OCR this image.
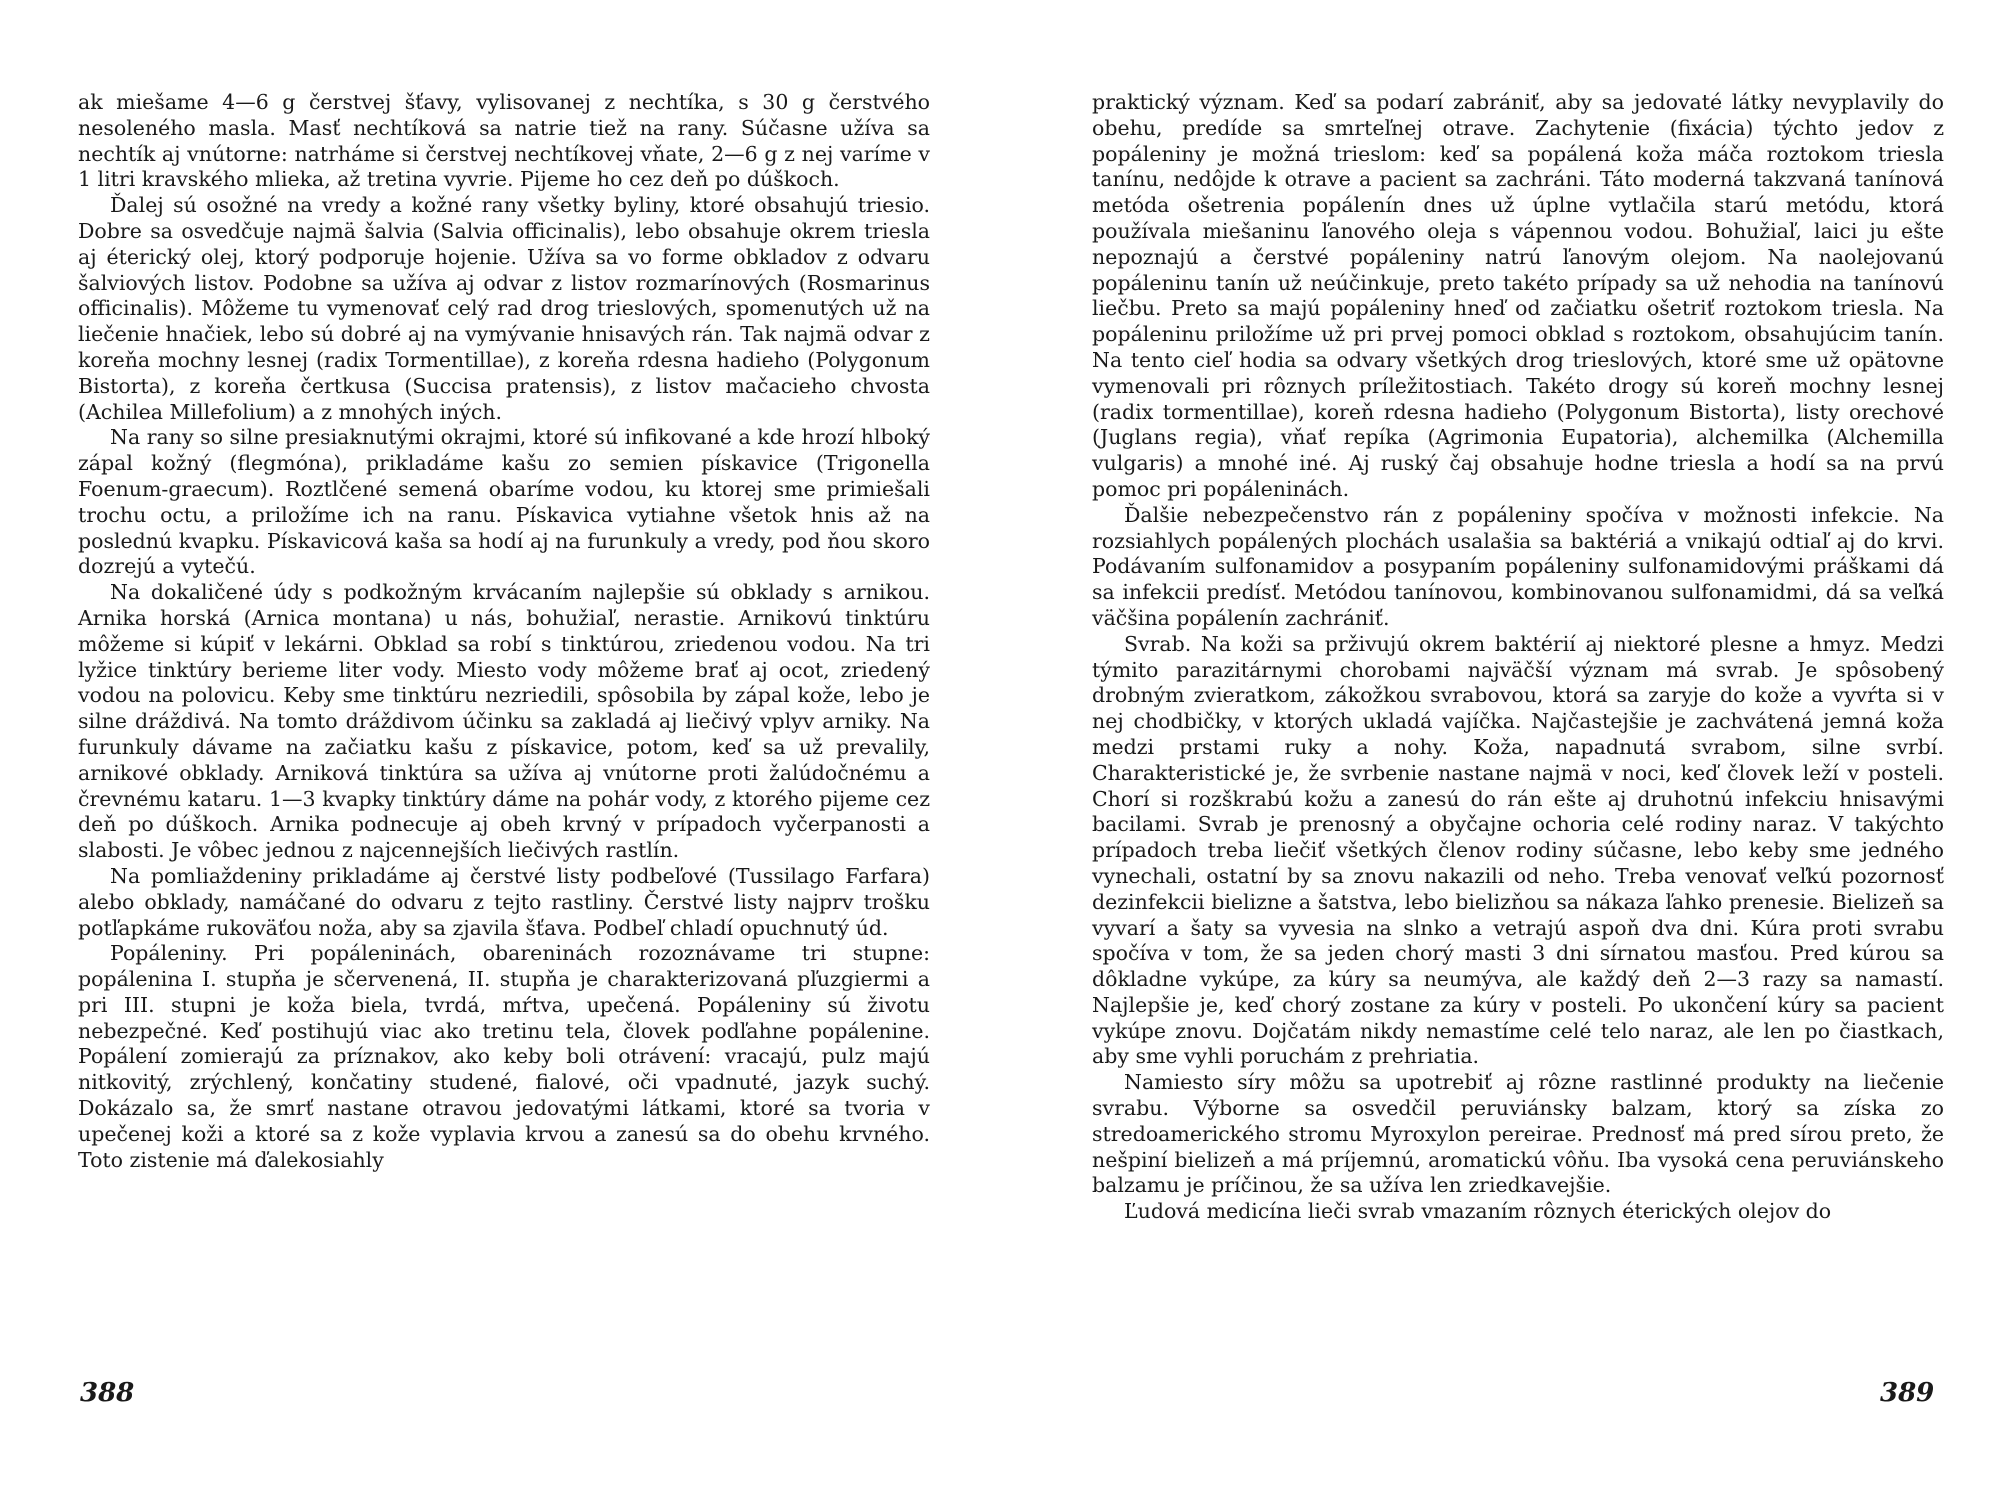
ak miešame 4—6 g čerstvej šťavy, vylisovanej z nechtíka, s 30 g čerstvého nesoleného masla. Masť nechtíková sa natrie tiež na rany. Súčasne užíva sa nechtík aj vnútorne: natrháme si čerstvej nechtíkovej vňate, 2—6 g z nej varíme v 1 litri kravského mlieka, až tretina vyvrie. Pijeme ho cez deň po dúškoch.

Ďalej sú osožné na vredy a kožné rany všetky byliny, ktoré obsahujú triesio. Dobre sa osvedčuje najmä šalvia (Salvia officinalis), lebo obsahuje okrem triesla aj éterický olej, ktorý podporuje hojenie. Užíva sa vo forme obkladov z odvaru šalviových listov. Podobne sa užíva aj odvar z listov rozmarínových (Rosmarinus officinalis). Môžeme tu vymenovať celý rad drog trieslových, spomenutých už na liečenie hnačiek, lebo sú dobré aj na vymývanie hnisavých rán. Tak najmä odvar z koreňa mochny lesnej (radix Tormentillae), z koreňa rdesna hadieho (Polygonum Bistorta), z koreňa čertkusa (Succisa pratensis), z listov mačacieho chvosta (Achilea Millefolium) a z mnohých iných.

Na rany so silne presiaknutými okrajmi, ktoré sú infikované a kde hrozí hlboký zápal kožný (flegmóna), prikladáme kašu zo semien pískavice (Trigonella Foenum-graecum). Roztlčené semená obaríme vodou, ku ktorej sme primiešali trochu octu, a priložíme ich na ranu. Pískavica vytiahne všetok hnis až na poslednú kvapku. Pískavicová kaša sa hodí aj na furunkuly a vredy, pod ňou skoro dozrejú a vytečú.

Na dokaličené údy s podkožným krvácaním najlepšie sú obklady s arnikou. Arnika horská (Arnica montana) u nás, bohužiaľ, nerastie. Arnikovú tinktúru môžeme si kúpiť v lekárni. Obklad sa robí s tinktúrou, zriedenou vodou. Na tri lyžice tinktúry berieme liter vody. Miesto vody môžeme brať aj ocot, zriedený vodou na polovicu. Keby sme tinktúru nezriedili, spôsobila by zápal kože, lebo je silne dráždivá. Na tomto dráždivom účinku sa zakladá aj liečivý vplyv arniky. Na furunkuly dávame na začiatku kašu z pískavice, potom, keď sa už prevalily, arnikové obklady. Arniková tinktúra sa užíva aj vnútorne proti žalúdočnému a črevnému kataru. 1—3 kvapky tinktúry dáme na pohár vody, z ktorého pijeme cez deň po dúškoch. Arnika podnecuje aj obeh krvný v prípadoch vyčerpanosti a slabosti. Je vôbec jednou z najcennejších liečivých rastlín.

Na pomliaždeniny prikladáme aj čerstvé listy podbeľové (Tussilago Farfara) alebo obklady, namáčané do odvaru z tejto rastliny. Čerstvé listy najprv trošku potľapkáme rukoväťou noža, aby sa zjavila šťava. Podbeľ chladí opuchnutý úd.

Popáleniny. Pri popáleninách, obareninách rozoznávame tri stupne: popálenina I. stupňa je sčervenená, II. stupňa je charakterizovaná pľuzgiermi a pri III. stupni je koža biela, tvrdá, mŕtva, upečená. Popáleniny sú životu nebezpečné. Keď postihujú viac ako tretinu tela, človek podľahne popálenine. Popálení zomierajú za príznakov, ako keby boli otrávení: vracajú, pulz majú nitkovitý, zrýchlený, končatiny studené, fialové, oči vpadnuté, jazyk suchý. Dokázalo sa, že smrť nastane otravou jedovatými látkami, ktoré sa tvoria v upečenej koži a ktoré sa z kože vyplavia krvou a zanesú sa do obehu krvného. Toto zistenie má ďalekosiahly

388

praktický význam. Keď sa podarí zabrániť, aby sa jedovaté látky nevyplavily do obehu, predíde sa smrteľnej otrave. Zachytenie (fixácia) týchto jedov z popáleniny je možná trieslom: keď sa popálená koža máča roztokom triesla tanínu, nedôjde k otrave a pacient sa zachráni. Táto moderná takzvaná tanínová metóda ošetrenia popálenín dnes už úplne vytlačila starú metódu, ktorá používala miešaninu ľanového oleja s vápennou vodou. Bohužiaľ, laici ju ešte nepoznajú a čerstvé popáleniny natrú ľanovým olejom. Na naolejovanú popáleninu tanín už neúčinkuje, preto takéto prípady sa už nehodia na tanínovú liečbu. Preto sa majú popáleniny hneď od začiatku ošetriť roztokom triesla. Na popáleninu priložíme už pri prvej pomoci obklad s roztokom, obsahujúcim tanín. Na tento cieľ hodia sa odvary všetkých drog trieslových, ktoré sme už opätovne vymenovali pri rôznych príležitostiach. Takéto drogy sú koreň mochny lesnej (radix tormentillae), koreň rdesna hadieho (Polygonum Bistorta), listy orechové (Juglans regia), vňať repíka (Agrimonia Eupatoria), alchemilka (Alchemilla vulgaris) a mnohé iné. Aj ruský čaj obsahuje hodne triesla a hodí sa na prvú pomoc pri popáleninách.

Ďalšie nebezpečenstvo rán z popáleniny spočíva v možnosti infekcie. Na rozsiahlych popálených plochách usalašia sa baktériá a vnikajú odtiaľ aj do krvi. Podávaním sulfonamidov a posypaním popáleniny sulfonamidovými práškami dá sa infekcii predísť. Metódou tanínovou, kombinovanou sulfonamidmi, dá sa veľká väčšina popálenín zachrániť.

Svrab. Na koži sa prživujú okrem baktérií aj niektoré plesne a hmyz. Medzi týmito parazitárnymi chorobami najväčší význam má svrab. Je spôsobený drobným zvieratkom, zákožkou svrabovou, ktorá sa zaryje do kože a vyvŕta si v nej chodbičky, v ktorých ukladá vajíčka. Najčastejšie je zachvátená jemná koža medzi prstami ruky a nohy. Koža, napadnutá svrabom, silne svrbí. Charakteristické je, že svrbenie nastane najmä v noci, keď človek leží v posteli. Chorí si rozškrabú kožu a zanesú do rán ešte aj druhotnú infekciu hnisavými bacilami. Svrab je prenosný a obyčajne ochoria celé rodiny naraz. V takýchto prípadoch treba liečiť všetkých členov rodiny súčasne, lebo keby sme jedného vynechali, ostatní by sa znovu nakazili od neho. Treba venovať veľkú pozornosť dezinfekcii bielizne a šatstva, lebo bielizňou sa nákaza ľahko prenesie. Bielizeň sa vyvarí a šaty sa vyvesia na slnko a vetrajú aspoň dva dni. Kúra proti svrabu spočíva v tom, že sa jeden chorý masti 3 dni sírnatou masťou. Pred kúrou sa dôkladne vykúpe, za kúry sa neumýva, ale každý deň 2—3 razy sa namastí. Najlepšie je, keď chorý zostane za kúry v posteli. Po ukončení kúry sa pacient vykúpe znovu. Dojčatám nikdy nemastíme celé telo naraz, ale len po čiastkach, aby sme vyhli poruchám z prehriatia.

Namiesto síry môžu sa upotrebiť aj rôzne rastlinné produkty na liečenie svrabu. Výborne sa osvedčil peruviánsky balzam, ktorý sa získa zo stredoamerického stromu Myroxylon pereirae. Prednosť má pred sírou preto, že nešpiní bielizeň a má príjemnú, aromatickú vôňu. Iba vysoká cena peruviánskeho balzamu je príčinou, že sa užíva len zriedkavejšie.

Ľudová medicína lieči svrab vmazaním rôznych éterických olejov do

389
